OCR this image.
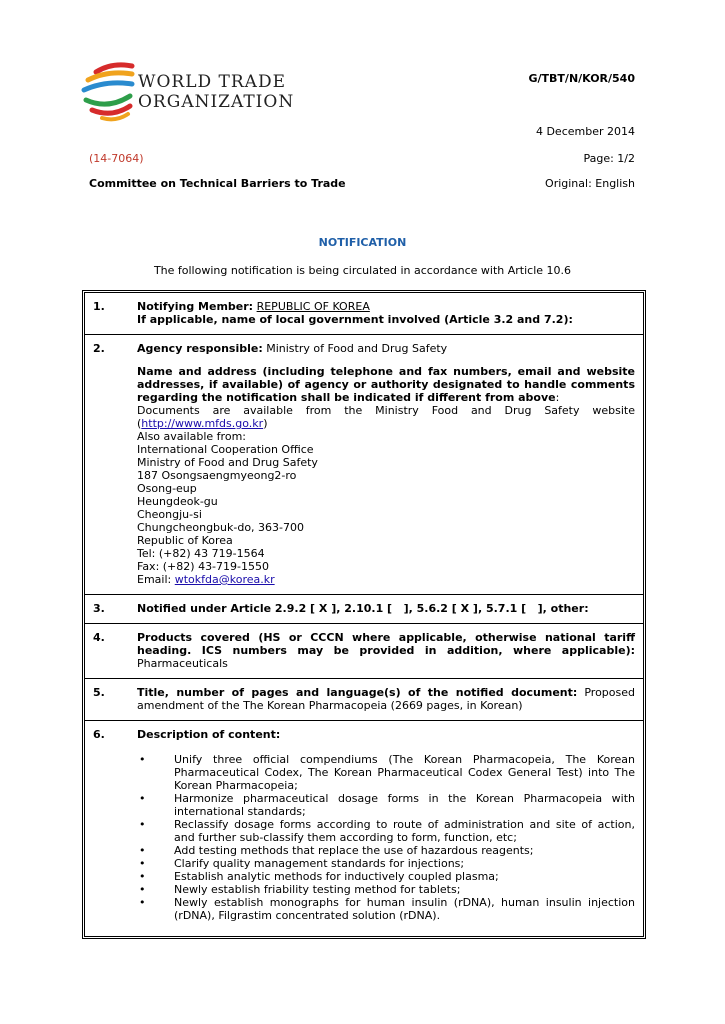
WORLD TRADE
ORGANIZATION
G/TBT/N/KOR/540
4 December 2014
(14-7064)	Page: 1/2
Committee on Technical Barriers to Trade	Original: English
NOTIFICATION
The following notification is being circulated in accordance with Article 10.6
1.	Notifying Member: REPUBLIC OF KOREA
If applicable, name of local government involved (Article 3.2 and 7.2):
2.	Agency responsible: Ministry of Food and Drug Safety
Name and address (including telephone and fax numbers, email and website addresses, if available) of agency or authority designated to handle comments regarding the notification shall be indicated if different from above:
Documents are available from the Ministry Food and Drug Safety website (http://www.mfds.go.kr)
Also available from:
International Cooperation Office
Ministry of Food and Drug Safety
187 Osongsaengmyeong2-ro
Osong-eup
Heungdeok-gu
Cheongju-si
Chungcheongbuk-do, 363-700
Republic of Korea
Tel: (+82) 43 719-1564
Fax: (+82) 43-719-1550
Email: wtokfda@korea.kr
3.	Notified under Article 2.9.2 [ X ], 2.10.1 [   ], 5.6.2 [ X ], 5.7.1 [   ], other:
4.	Products covered (HS or CCCN where applicable, otherwise national tariff heading. ICS numbers may be provided in addition, where applicable): Pharmaceuticals
5.	Title, number of pages and language(s) of the notified document: Proposed amendment of the The Korean Pharmacopeia (2669 pages, in Korean)
6.	Description of content:
•	Unify three official compendiums (The Korean Pharmacopeia, The Korean Pharmaceutical Codex, The Korean Pharmaceutical Codex General Test) into The Korean Pharmacopeia;
•	Harmonize pharmaceutical dosage forms in the Korean Pharmacopeia with international standards;
•	Reclassify dosage forms according to route of administration and site of action, and further sub-classify them according to form, function, etc;
•	Add testing methods that replace the use of hazardous reagents;
•	Clarify quality management standards for injections;
•	Establish analytic methods for inductively coupled plasma;
•	Newly establish friability testing method for tablets;
•	Newly establish monographs for human insulin (rDNA), human insulin injection (rDNA), Filgrastim concentrated solution (rDNA).
